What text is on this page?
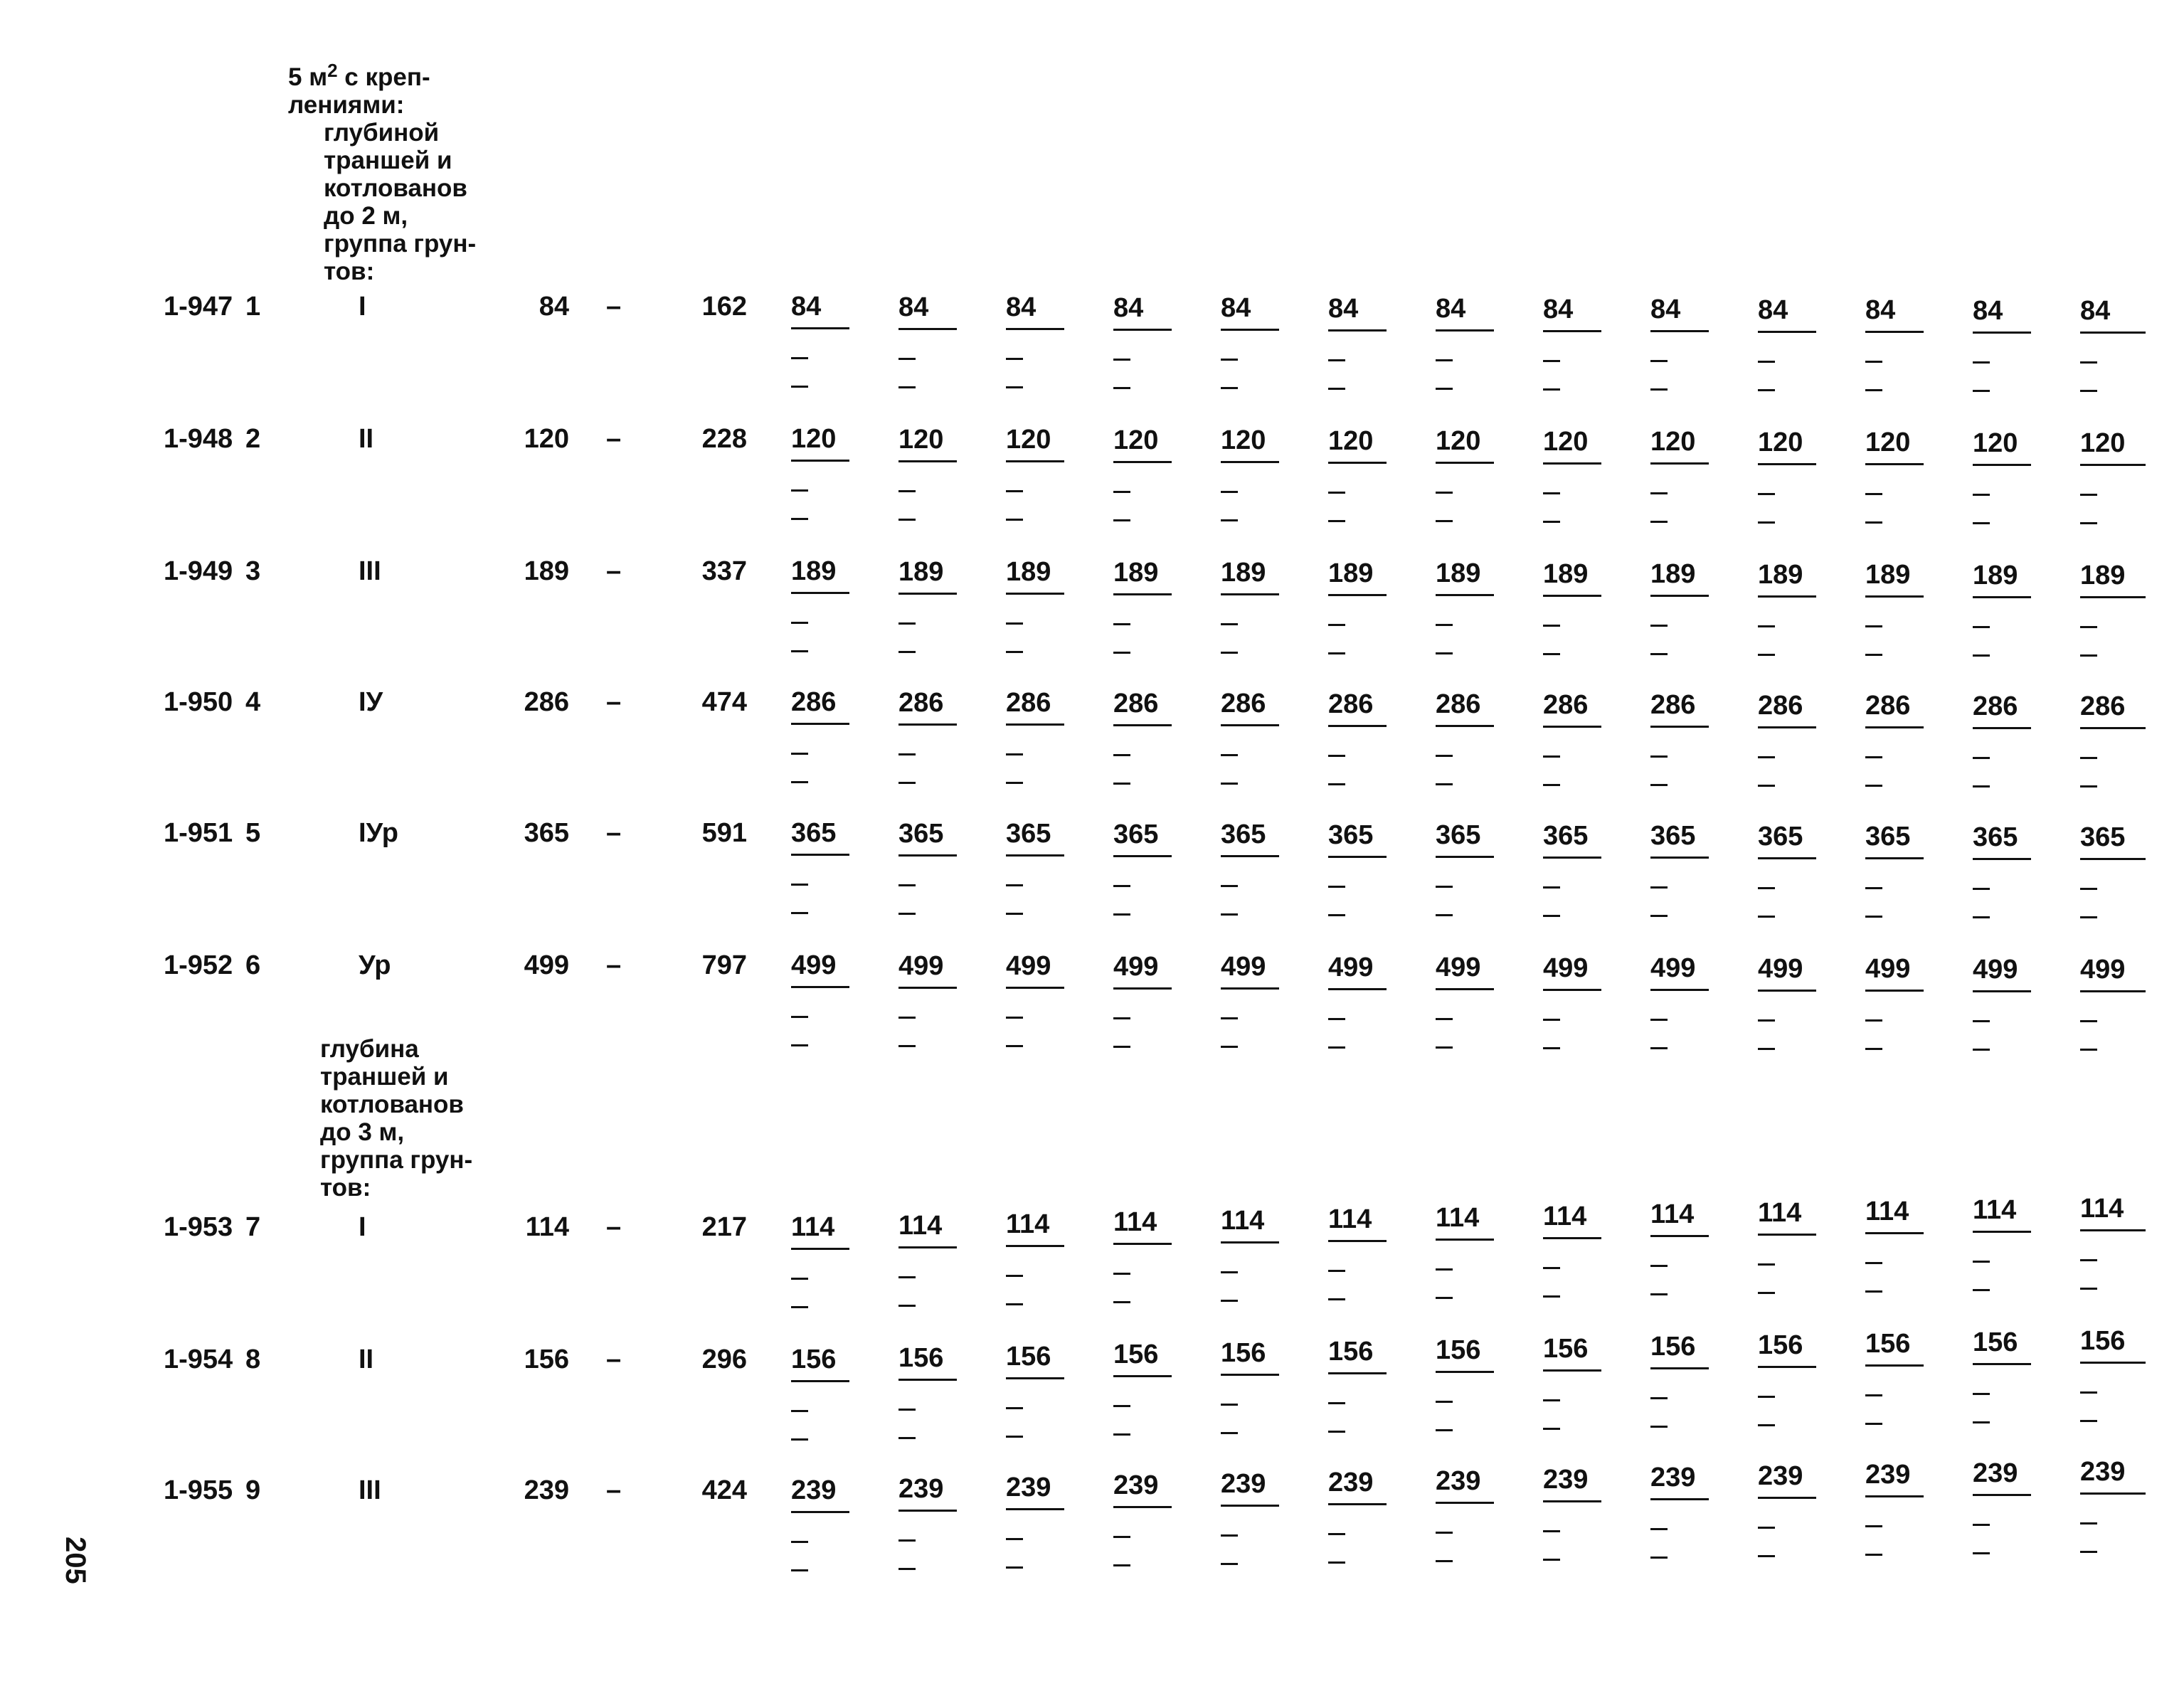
5 $м^2$ с креп-
лениями:
глубиной
траншей и
котлованов
до 2 м,
группа грун-
тов:
глубина
траншей и
котлованов
до 3 м,
группа грун-
тов:
1-947 1	I	84 –	162 84	84	84	84	84	84	84	84	84	84	84	84	84
1-948 2	II	120 –	228 120 120 120 120 120 120 120 120 120 120 120 120 120
1-949 3	III	189 –	337 189 189 189 189 189 189 189 189 189 189 189 189 189
1-950 4	IУ	286 –	474 286 286 286 286 286 286 286 286 286 286 286 286 286
1-951 5	IУр	365 –	591 365 365 365 365 365 365 365 365 365 365 365 365 365
1-952 6	Ур	499 –	797 499 499 499 499 499 499 499 499 499 499 499 499 499
1-953 7	I	114 –	217 114 114 114 114 114 114 114 114 114 114 114 114 114
1-954 8	II	156 –	296 156 156 156 156 156 156 156 156 156 156 156 156 156
1-955 9	III	239 –	424 239 239 239 239 239 239 239 239 239 239 239 239 239
205
